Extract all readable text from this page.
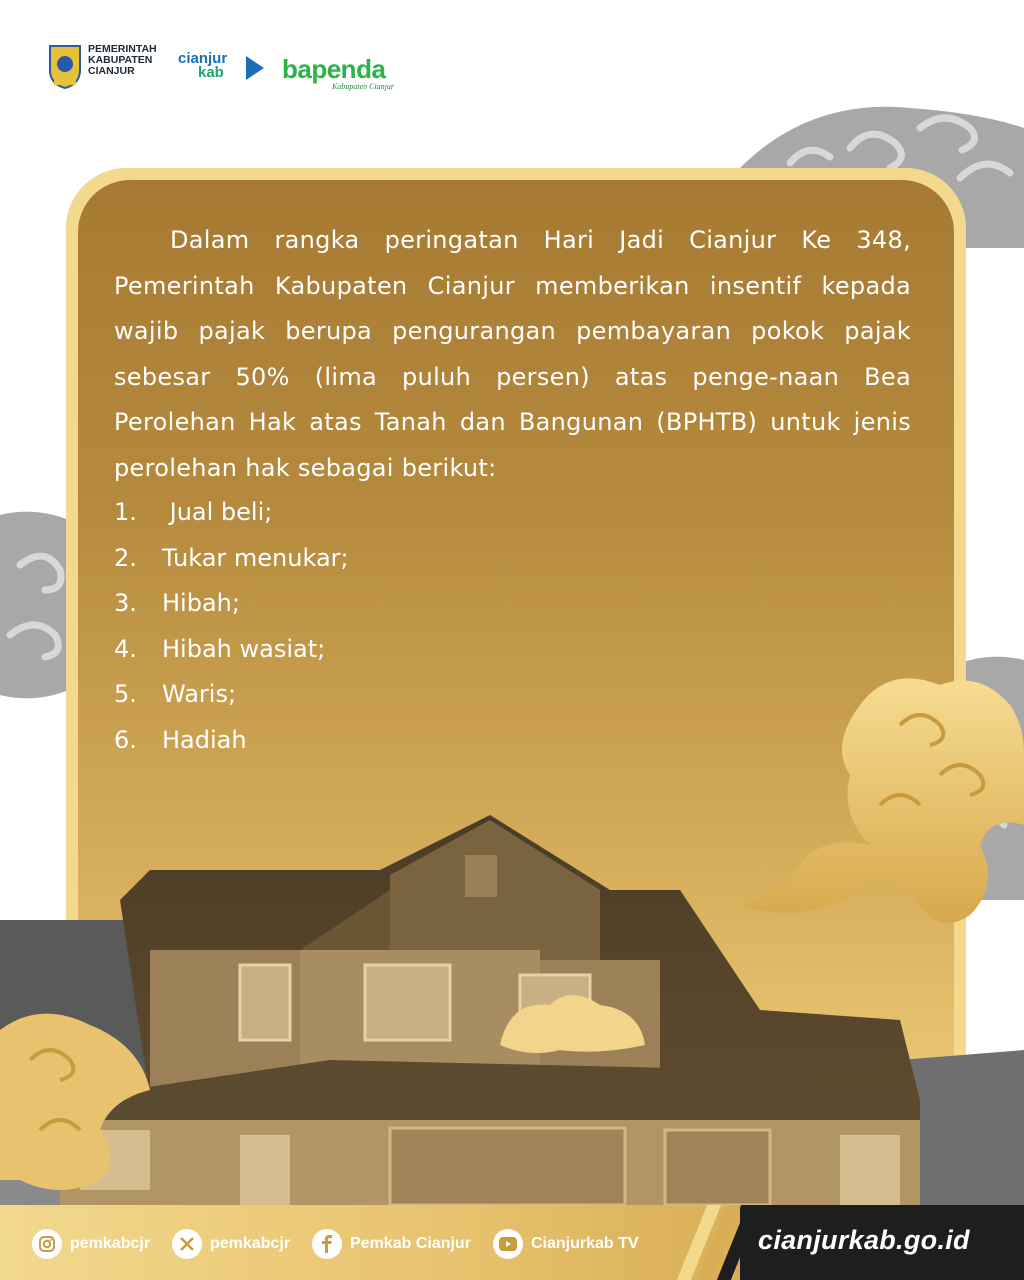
PEMERINTAH
KABUPATEN
CIANJUR
cianjur
kab bapenda
Kabupaten Cianjur
Dalam rangka peringatan Hari Jadi Cianjur Ke 348, Pemerintah Kabupaten Cianjur memberikan insentif kepada wajib pajak berupa pengurangan pembayaran pokok pajak sebesar 50% (lima puluh persen) atas penge-naan Bea Perolehan Hak atas Tanah dan Bangunan (BPHTB) untuk jenis perolehan hak sebagai berikut:
1.	Jual beli;
2.	Tukar menukar;
3.	Hibah;
4.	Hibah wasiat;
5.	Waris;
6.	Hadiah
pemkabcjr	pemkabcjr	Pemkab Cianjur	Cianjurkab TV	cianjurkab.go.id
